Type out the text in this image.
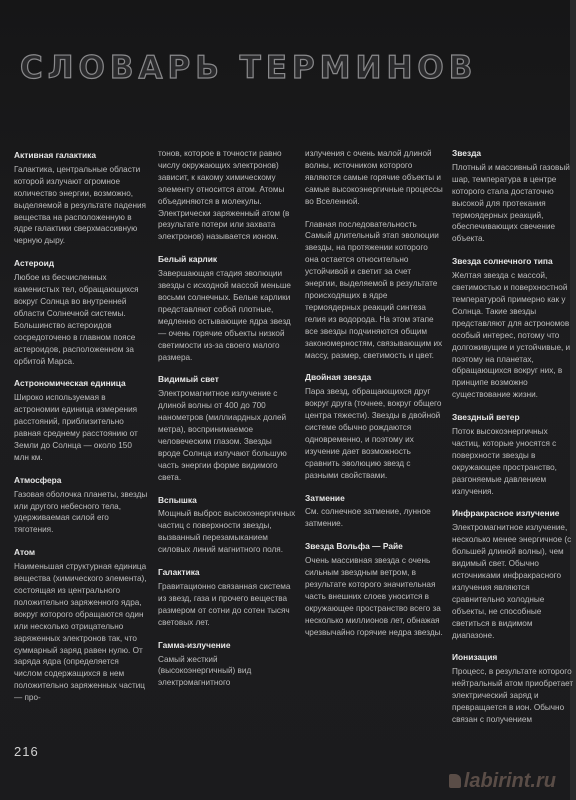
СЛОВАРЬ ТЕРМИНОВ
Активная галактика

Галактика, центральные области которой излучают огромное количество энергии, возможно, выделяемой в результате падения вещества на расположенную в ядре галактики сверхмассивную черную дыру.

Астероид

Любое из бесчисленных каменистых тел, обращающихся вокруг Солнца во внутренней области Солнечной системы. Большинство астероидов сосредоточено в главном поясе астероидов, расположенном за орбитой Марса.

Астрономическая единица

Широко используемая в астрономии единица измерения расстояний, приблизительно равная среднему расстоянию от Земли до Солнца — около 150 млн км.

Атмосфера

Газовая оболочка планеты, звезды или другого небесного тела, удерживаемая силой его тяготения.

Атом

Наименьшая структурная единица вещества (химического элемента), состоящая из центрального положительно заряженного ядра, вокруг которого обращаются один или несколько отрицательно заряженных электронов так, что суммарный заряд равен нулю. От заряда ядра (определяется числом содержащихся в нем положительно заряженных частиц — про-

тонов, которое в точности равно числу окружающих электронов) зависит, к какому химическому элементу относится атом. Атомы объединяются в молекулы. Электрически заряженный атом (в результате потери или захвата электронов) называется ионом.

Белый карлик

Завершающая стадия эволюции звезды с исходной массой меньше восьми солнечных. Белые карлики представляют собой плотные, медленно остывающие ядра звезд — очень горячие объекты низкой светимости из-за своего малого размера.

Видимый свет

Электромагнитное излучение с длиной волны от 400 до 700 нанометров (миллиардных долей метра), воспринимаемое человеческим глазом. Звезды вроде Солнца излучают большую часть энергии форме видимого света.

Вспышка

Мощный выброс высокоэнергичных частиц с поверхности звезды, вызванный перезамыканием силовых линий магнитного поля.

Галактика

Гравитационно связанная система из звезд, газа и прочего вещества размером от сотни до сотен тысяч световых лет.

Гамма-излучение

Самый жесткий (высокоэнергичный) вид электромагнитного

излучения с очень малой длиной волны, источником которого являются самые горячие объекты и самые высокоэнергичные процессы во Вселенной.

Главная последовательность Самый длительный этап эволюции звезды, на протяжении которого она остается относительно устойчивой и светит за счет энергии, выделяемой в результате происходящих в ядре термоядерных реакций синтеза гелия из водорода. На этом этапе все звезды подчиняются общим закономерностям, связывающим их массу, размер, светимость и цвет.

Двойная звезда

Пара звезд, обращающихся друг вокруг друга (точнее, вокруг общего центра тяжести). Звезды в двойной системе обычно рождаются одновременно, и поэтому их изучение дает возможность сравнить эволюцию звезд с разными свойствами.

Затмение

См. солнечное затмение, лунное затмение.

Звезда Вольфа — Райе

Очень массивная звезда с очень сильным звездным ветром, в результате которого значительная часть внешних слоев уносится в окружающее пространство всего за несколько миллионов лет, обнажая чрезвычайно горячие недра звезды.

Звезда

Плотный и массивный газовый шар, температура в центре которого стала достаточно высокой для протекания термоядерных реакций, обеспечивающих свечение объекта.

Звезда солнечного типа

Желтая звезда с массой, светимостью и поверхностной температурой примерно как у Солнца. Такие звезды представляют для астрономов особый интерес, потому что долгоживущие и устойчивые, и поэтому на планетах, обращающихся вокруг них, в принципе возможно существование жизни.

Звездный ветер

Поток высокоэнергичных частиц, которые уносятся с поверхности звезды в окружающее пространство, разгоняемые давлением излучения.

Инфракрасное излучение

Электромагнитное излучение, несколько менее энергичное (с большей длиной волны), чем видимый свет. Обычно источниками инфракрасного излучения являются сравнительно холодные объекты, не способные светиться в видимом диапазоне.

Ионизация

Процесс, в результате которого нейтральный атом приобретает электрический заряд и превращается в ион. Обычно связан с получением

216
labirint.ru
